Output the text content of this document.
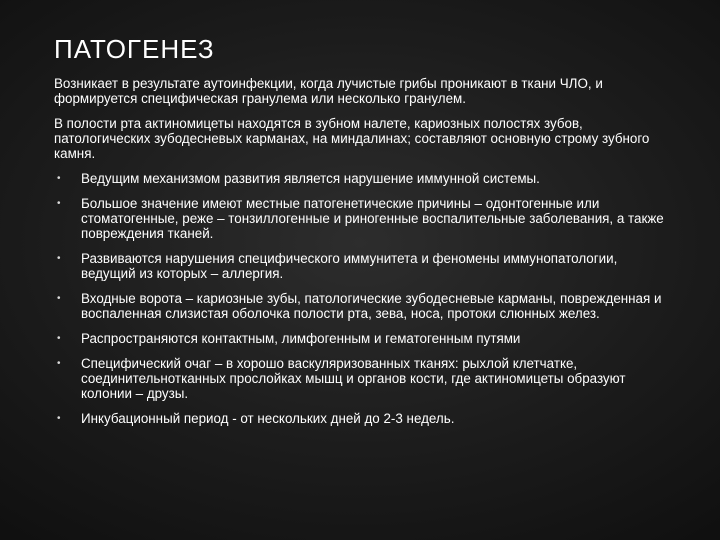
ПАТОГЕНЕЗ

Возникает в результате аутоинфекции, когда лучистые грибы проникают в ткани ЧЛО, и формируется специфическая гранулема или несколько гранулем.

В полости рта актиномицеты находятся в зубном налете, кариозных полостях зубов, патологических зубодесневых карманах, на миндалинах; составляют основную строму зубного камня.

• Ведущим механизмом развития является нарушение иммунной системы.
• Большое значение имеют местные патогенетические причины – одонтогенные или стоматогенные, реже – тонзиллогенные и риногенные воспалительные заболевания, а также повреждения тканей.
• Развиваются нарушения специфического иммунитета и феномены иммунопатологии, ведущий из которых – аллергия.
• Входные ворота – кариозные зубы, патологические зубодесневые карманы, поврежденная и воспаленная слизистая оболочка полости рта, зева, носа, протоки слюнных желез.
• Распространяются контактным, лимфогенным и гематогенным путями
• Специфический очаг – в хорошо васкуляризованных тканях: рыхлой клетчатке, соединительнотканных прослойках мышц и органов кости, где актиномицеты образуют колонии – друзы.
• Инкубационный период - от нескольких дней до 2-3 недель.
